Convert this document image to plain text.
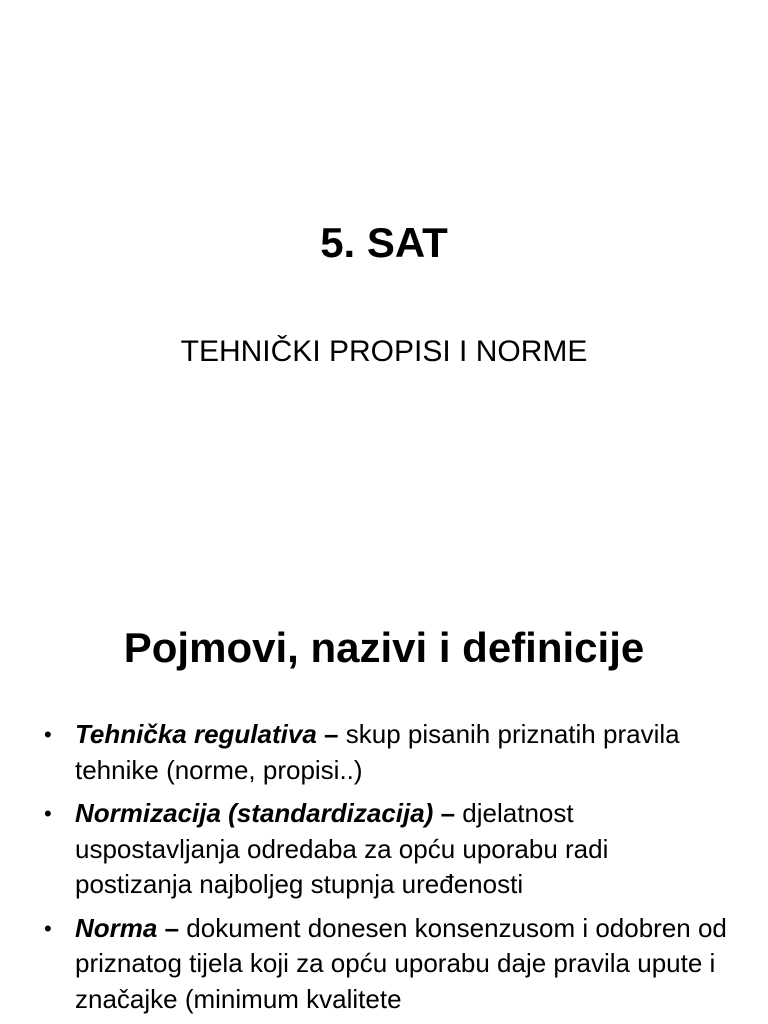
5. SAT

TEHNIČKI PROPISI I NORME

Pojmovi, nazivi i definicije
• Tehnička regulativa – skup pisanih priznatih pravila tehnike (norme, propisi..)
• Normizacija (standardizacija) – djelatnost uspostavljanja odredaba za opću uporabu radi postizanja najboljeg stupnja uređenosti
• Norma – dokument donesen konsenzusom i odobren od priznatog tijela koji za opću uporabu daje pravila upute i značajke (minimum kvalitete
